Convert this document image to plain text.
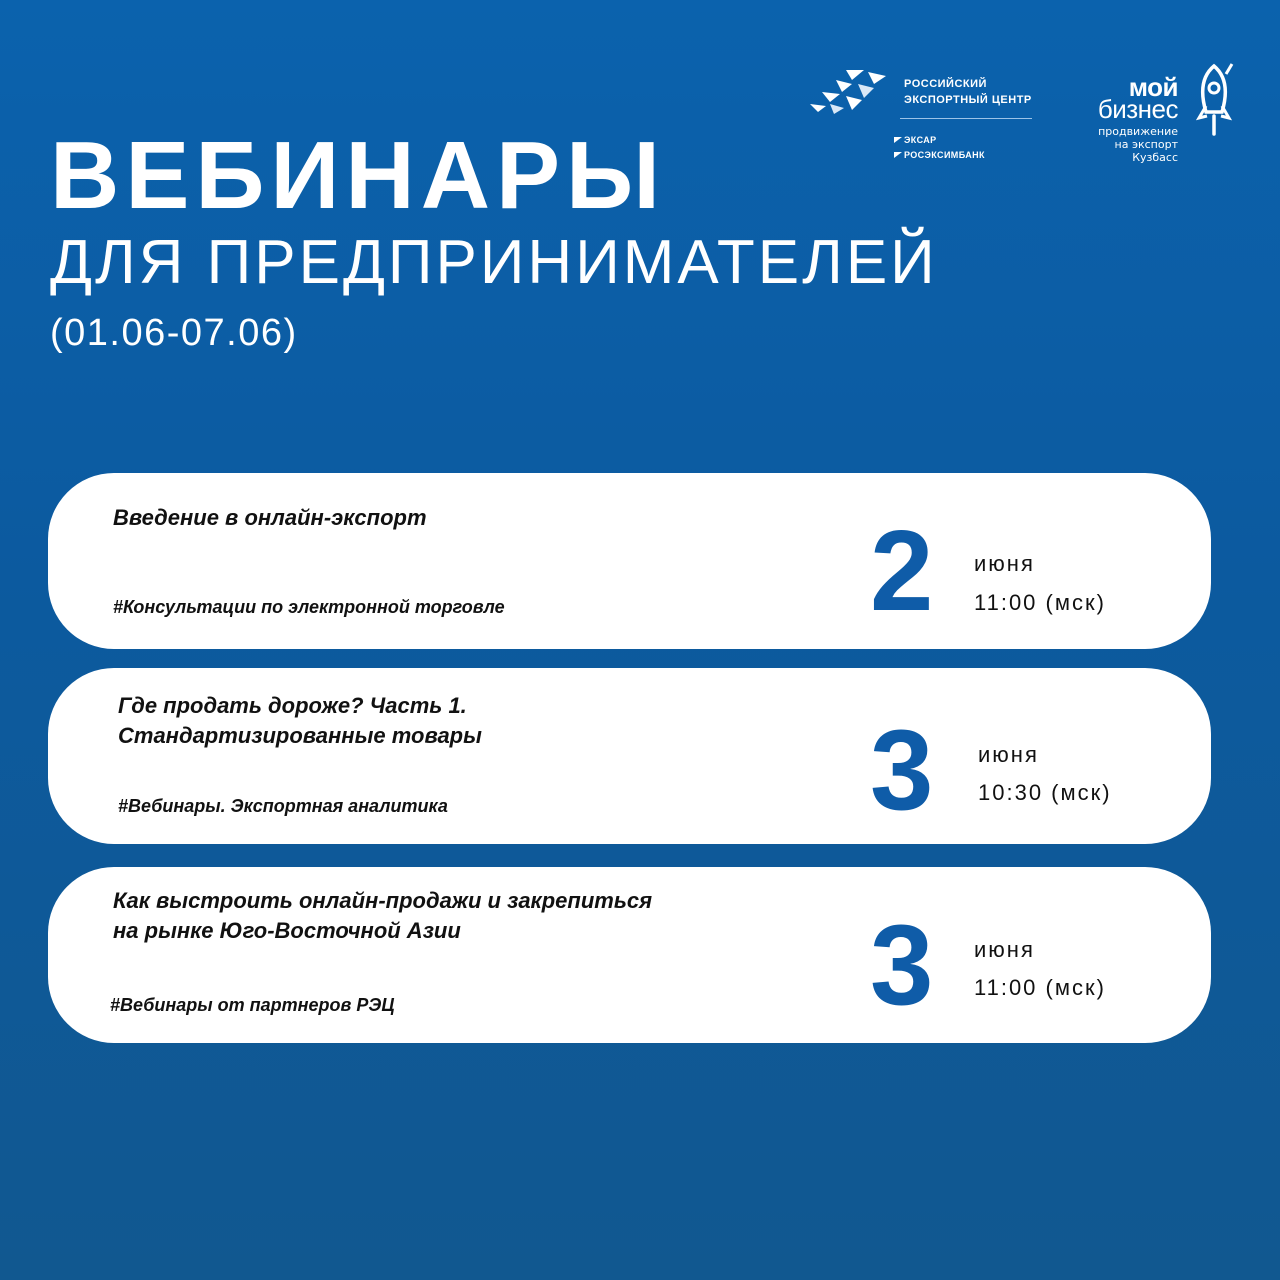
РОССИЙСКИЙ
ЭКСПОРТНЫЙ ЦЕНТР
ЭКСАР
РОСЭКСИМБАНК
мой
бизнес
продвижение
на экспорт
Кузбасс
ВЕБИНАРЫ
ДЛЯ ПРЕДПРИНИМАТЕЛЕЙ
(01.06-07.06)
Введение в онлайн-экспорт
#Консультации по электронной торговле	2 июня
11:00 (мск)
Где продать дороже? Часть 1.
Стандартизированные товары
#Вебинары. Экспортная аналитика	3 июня
10:30 (мск)
Как выстроить онлайн-продажи и закрепиться
на рынке Юго-Восточной Азии
#Вебинары от партнеров РЭЦ	3 июня
11:00 (мск)
